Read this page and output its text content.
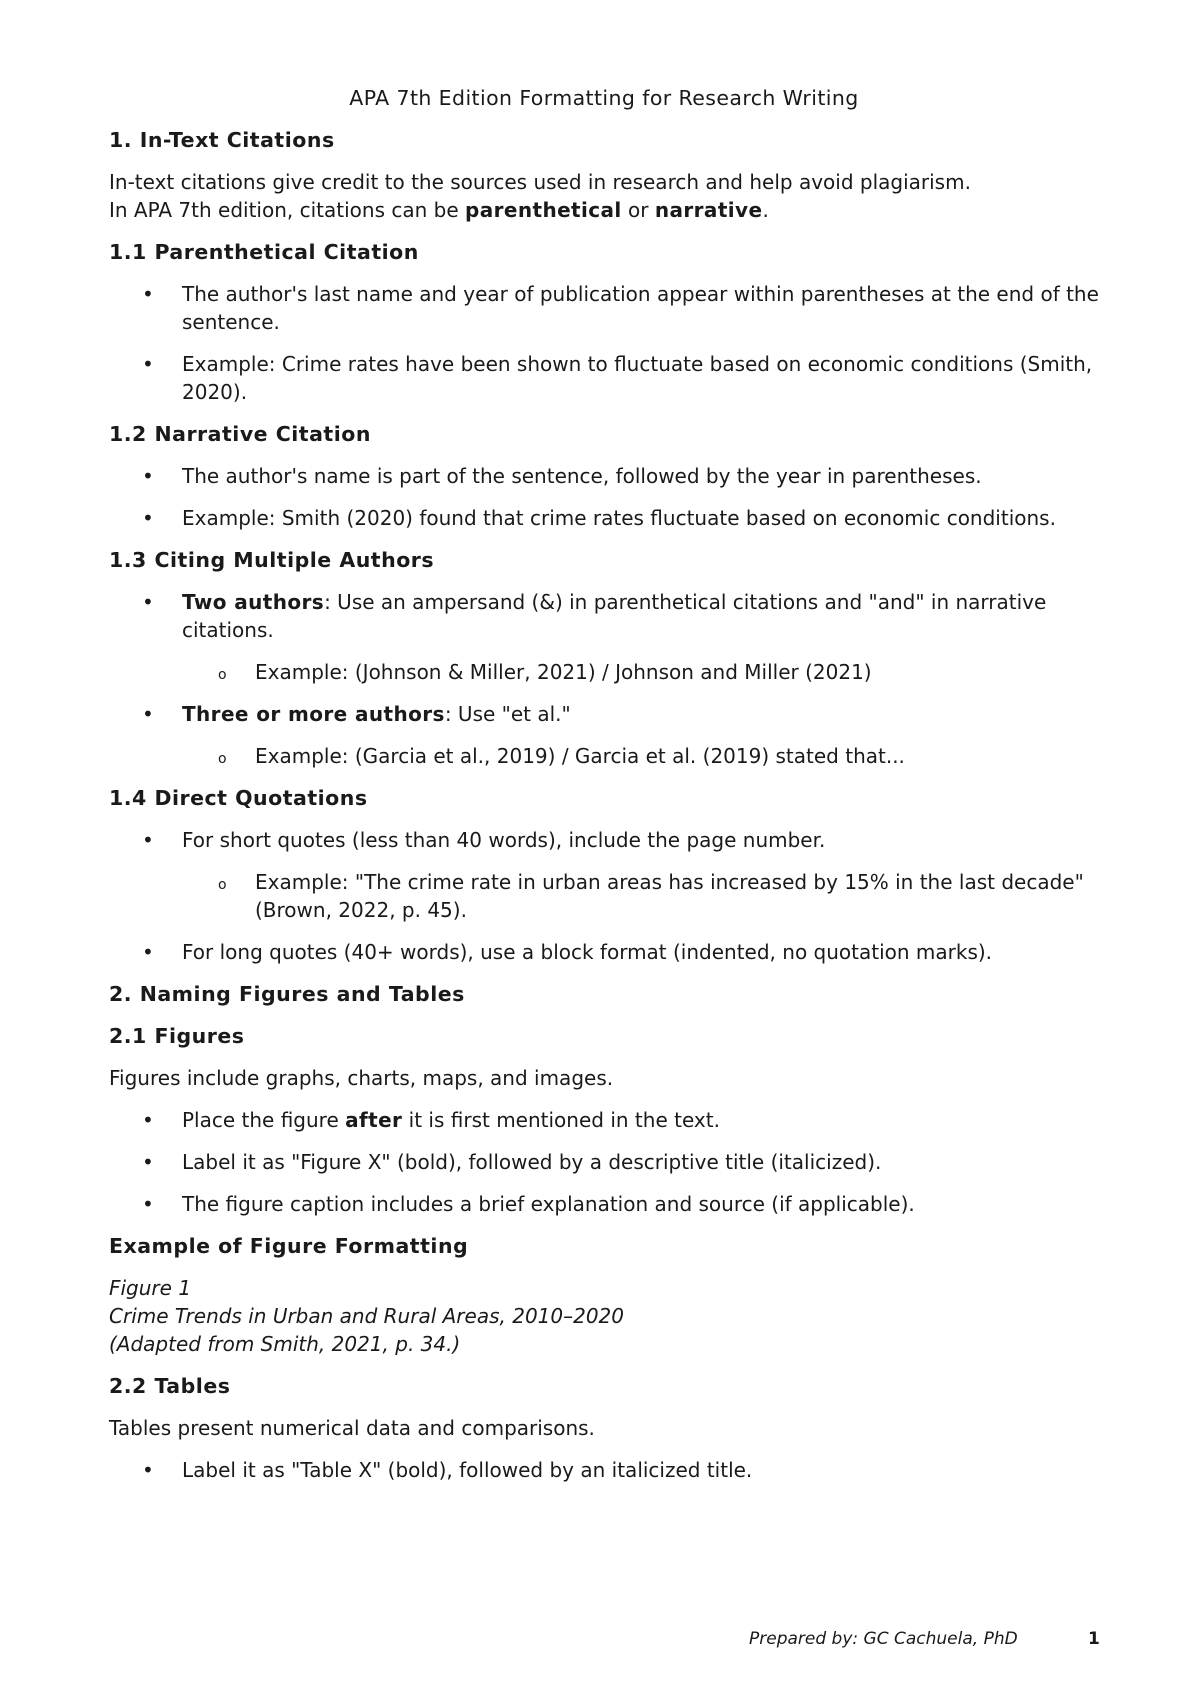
APA 7th Edition Formatting for Research Writing
1. In-Text Citations

In-text citations give credit to the sources used in research and help avoid plagiarism.
In APA 7th edition, citations can be parenthetical or narrative.

1.1 Parenthetical Citation
• The author's last name and year of publication appear within parentheses at the end of the sentence.
• Example: Crime rates have been shown to fluctuate based on economic conditions (Smith, 2020).
1.2 Narrative Citation
• The author's name is part of the sentence, followed by the year in parentheses.
• Example: Smith (2020) found that crime rates fluctuate based on economic conditions.
1.3 Citing Multiple Authors
• Two authors: Use an ampersand (&) in parenthetical citations and "and" in narrative citations.
o Example: (Johnson & Miller, 2021) / Johnson and Miller (2021)
• Three or more authors: Use "et al."
o Example: (Garcia et al., 2019) / Garcia et al. (2019) stated that...
1.4 Direct Quotations
• For short quotes (less than 40 words), include the page number.
o Example: "The crime rate in urban areas has increased by 15% in the last decade" (Brown, 2022, p. 45).
• For long quotes (40+ words), use a block format (indented, no quotation marks).
2. Naming Figures and Tables
2.1 Figures

Figures include graphs, charts, maps, and images.

• Place the figure after it is first mentioned in the text.
• Label it as "Figure X" (bold), followed by a descriptive title (italicized).
• The figure caption includes a brief explanation and source (if applicable).
Example of Figure Formatting
Figure 1
Crime Trends in Urban and Rural Areas, 2010–2020
(Adapted from Smith, 2021, p. 34.)
2.2 Tables

Tables present numerical data and comparisons.

• Label it as "Table X" (bold), followed by an italicized title.
Prepared by: GC Cachuela, PhD	1
